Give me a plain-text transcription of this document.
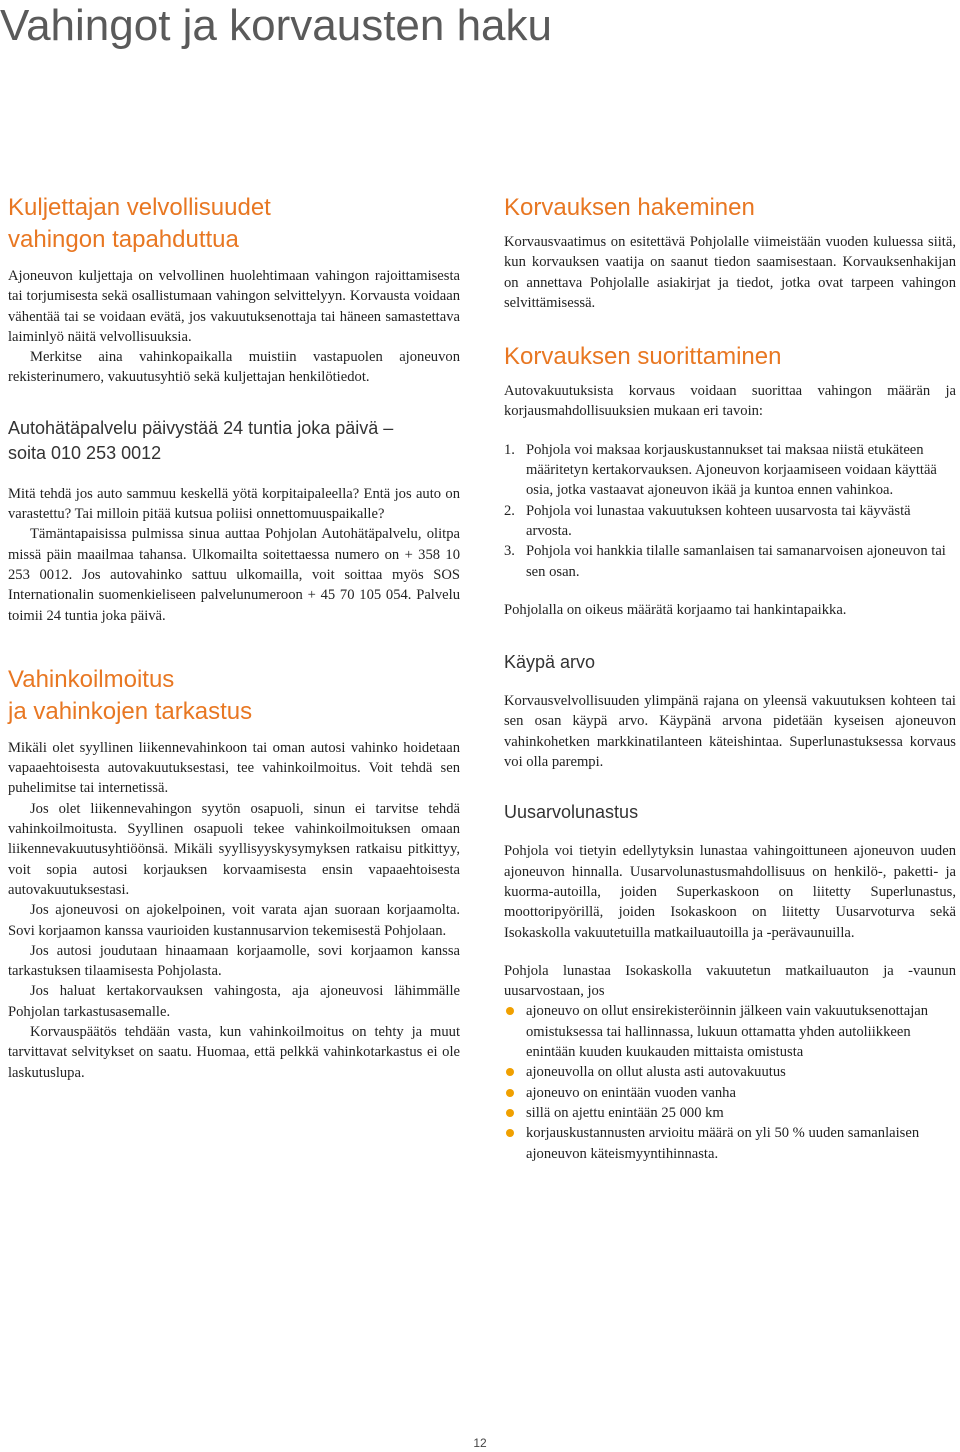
Vahingot ja korvausten haku
Kuljettajan velvollisuudet
vahingon tapahduttua

Ajoneuvon kuljettaja on velvollinen huolehtimaan vahingon rajoittamisesta tai torjumisesta sekä osallistumaan vahingon selvittelyyn. Korvausta voidaan vähentää tai se voidaan evätä, jos vakuutuksenottaja tai häneen samastettava laiminlyö näitä velvollisuuksia.

Merkitse aina vahinkopaikalla muistiin vastapuolen ajoneuvon rekisterinumero, vakuutusyhtiö sekä kuljettajan henkilötiedot.

Autohätäpalvelu päivystää 24 tuntia joka päivä –
soita 010 253 0012

Mitä tehdä jos auto sammuu keskellä yötä korpitaipaleella? Entä jos auto on varastettu? Tai milloin pitää kutsua poliisi onnettomuuspaikalle?

Tämäntapaisissa pulmissa sinua auttaa Pohjolan Autohätäpalvelu, olitpa missä päin maailmaa tahansa. Ulkomailta soitettaessa numero on + 358 10 253 0012. Jos autovahinko sattuu ulkomailla, voit soittaa myös SOS Internationalin suomenkieliseen palvelunumeroon + 45 70 105 054. Palvelu toimii 24 tuntia joka päivä.

Vahinkoilmoitus
ja vahinkojen tarkastus

Mikäli olet syyllinen liikennevahinkoon tai oman autosi vahinko hoidetaan vapaaehtoisesta autovakuutuksestasi, tee vahinkoilmoitus. Voit tehdä sen puhelimitse tai internetissä.

Jos olet liikennevahingon syytön osapuoli, sinun ei tarvitse tehdä vahinkoilmoitusta. Syyllinen osapuoli tekee vahinkoilmoituksen omaan liikennevakuutusyhtiöönsä. Mikäli syyllisyyskysymyksen ratkaisu pitkittyy, voit sopia autosi korjauksen korvaamisesta ensin vapaaehtoisesta autovakuutuksestasi.

Jos ajoneuvosi on ajokelpoinen, voit varata ajan suoraan korjaamolta. Sovi korjaamon kanssa vaurioiden kustannusarvion tekemisestä Pohjolaan.

Jos autosi joudutaan hinaamaan korjaamolle, sovi korjaamon kanssa tarkastuksen tilaamisesta Pohjolasta.

Jos haluat kertakorvauksen vahingosta, aja ajoneuvosi lähimmälle Pohjolan tarkastusasemalle.

Korvauspäätös tehdään vasta, kun vahinkoilmoitus on tehty ja muut tarvittavat selvitykset on saatu. Huomaa, että pelkkä vahinkotarkastus ei ole laskutuslupa.

Korvauksen hakeminen

Korvausvaatimus on esitettävä Pohjolalle viimeistään vuoden kuluessa siitä, kun korvauksen vaatija on saanut tiedon saamisestaan. Korvauksenhakijan on annettava Pohjolalle asiakirjat ja tiedot, jotka ovat tarpeen vahingon selvittämisessä.

Korvauksen suorittaminen

Autovakuutuksista korvaus voidaan suorittaa vahingon määrän ja korjausmahdollisuuksien mukaan eri tavoin:

1. Pohjola voi maksaa korjauskustannukset tai maksaa niistä etukäteen määritetyn kertakorvauksen. Ajoneuvon korjaamiseen voidaan käyttää osia, jotka vastaavat ajoneuvon ikää ja kuntoa ennen vahinkoa.
2. Pohjola voi lunastaa vakuutuksen kohteen uusarvosta tai käyvästä arvosta.
3. Pohjola voi hankkia tilalle samanlaisen tai samanarvoisen ajoneuvon tai sen osan.

Pohjolalla on oikeus määrätä korjaamo tai hankintapaikka.

Käypä arvo

Korvausvelvollisuuden ylimpänä rajana on yleensä vakuutuksen kohteen tai sen osan käypä arvo. Käypänä arvona pidetään kyseisen ajoneuvon vahinkohetken markkinatilanteen käteishintaa. Superlunastuksessa korvaus voi olla parempi.

Uusarvolunastus

Pohjola voi tietyin edellytyksin lunastaa vahingoittuneen ajoneuvon uuden ajoneuvon hinnalla. Uusarvolunastusmahdollisuus on henkilö-, paketti- ja kuorma-autoilla, joiden Superkaskoon on liitetty Superlunastus, moottoripyörillä, joiden Isokaskoon on liitetty Uusarvoturva sekä Isokaskolla vakuutetuilla matkailuautoilla ja -perävaunuilla.

Pohjola lunastaa Isokaskolla vakuutetun matkailuauton ja -vaunun uusarvostaan, jos

ajoneuvo on ollut ensirekisteröinnin jälkeen vain vakuutuksenottajan omistuksessa tai hallinnassa, lukuun ottamatta yhden autoliikkeen enintään kuuden kuukauden mittaista omistusta
ajoneuvolla on ollut alusta asti autovakuutus
ajoneuvo on enintään vuoden vanha
sillä on ajettu enintään 25 000 km
korjauskustannusten arvioitu määrä on yli 50 % uuden samanlaisen ajoneuvon käteismyyntihinnasta.
12
